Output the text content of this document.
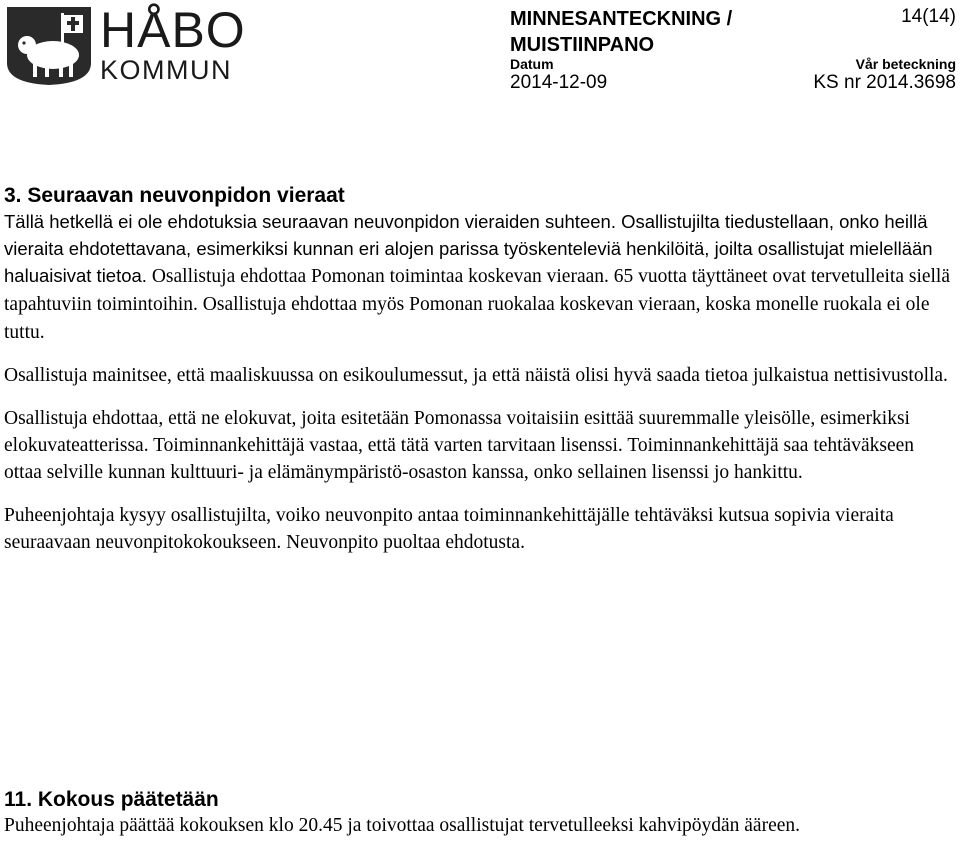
HÅBO
KOMMUN
MINNESANTECKNING / MUISTIINPANO
14(14)
Datum
2014-12-09
Vår beteckning
KS nr 2014.3698
3. Seuraavan neuvonpidon vieraat

Tällä hetkellä ei ole ehdotuksia seuraavan neuvonpidon vieraiden suhteen. Osallistujilta tiedustellaan, onko heillä vieraita ehdotettavana, esimerkiksi kunnan eri alojen parissa työskenteleviä henkilöitä, joilta osallistujat mielellään haluaisivat tietoa. Osallistuja ehdottaa Pomonan toimintaa koskevan vieraan. 65 vuotta täyttäneet ovat tervetulleita siellä tapahtuviin toimintoihin. Osallistuja ehdottaa myös Pomonan ruokalaa koskevan vieraan, koska monelle ruokala ei ole tuttu.

Osallistuja mainitsee, että maaliskuussa on esikoulumessut, ja että näistä olisi hyvä saada tietoa julkaistua nettisivustolla.

Osallistuja ehdottaa, että ne elokuvat, joita esitetään Pomonassa voitaisiin esittää suuremmalle yleisölle, esimerkiksi elokuvateatterissa. Toiminnankehittäjä vastaa, että tätä varten tarvitaan lisenssi. Toiminnankehittäjä saa tehtäväkseen ottaa selville kunnan kulttuuri- ja elämänympäristö-osaston kanssa, onko sellainen lisenssi jo hankittu.

Puheenjohtaja kysyy osallistujilta, voiko neuvonpito antaa toiminnankehittäjälle tehtäväksi kutsua sopivia vieraita seuraavaan neuvonpitokokoukseen. Neuvonpito puoltaa ehdotusta.

11. Kokous päätetään

Puheenjohtaja päättää kokouksen klo 20.45 ja toivottaa osallistujat tervetulleeksi kahvipöydän ääreen.
